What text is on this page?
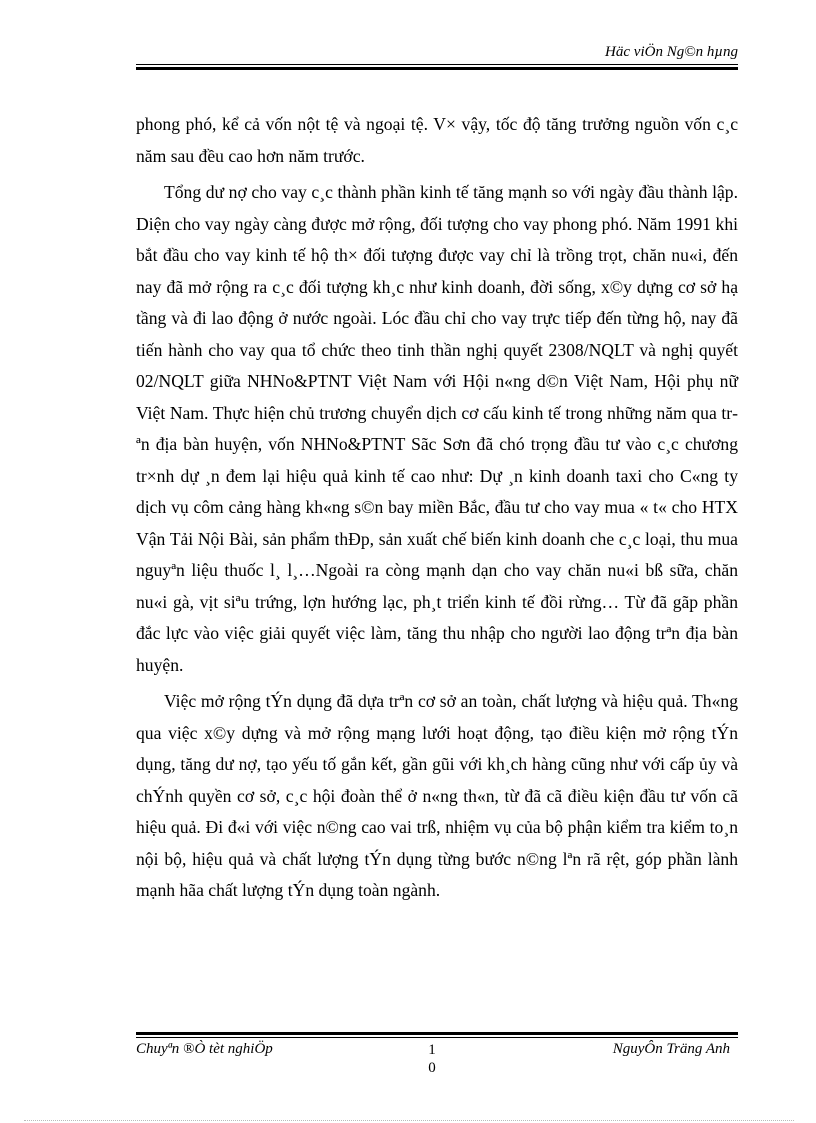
Häc viÖn Ng©n hµng

phong phó, kể cả vốn nột tệ và ngoại tệ. V× vậy, tốc độ tăng trưởng nguồn vốn c¸c năm sau đều cao hơn năm trước.

Tổng dư nợ cho vay c¸c thành phần kinh tế tăng mạnh so với ngày đầu thành lập. Diện cho vay ngày càng được mở rộng, đối tượng cho vay phong phó. Năm 1991 khi bắt đầu cho vay kinh tế hộ th× đối tượng được vay chỉ là trồng trọt, chăn nu«i, đến nay đã mở rộng ra c¸c đối tượng kh¸c như kinh doanh, đời sống, x©y dựng cơ sở hạ tầng và đi lao động ở nước ngoài. Lóc đầu chỉ cho vay trực tiếp đến từng hộ, nay đã tiến hành cho vay qua tổ chức theo tinh thần nghị quyết 2308/NQLT và nghị quyết 02/NQLT giữa NHNo&PTNT Việt Nam với Hội n«ng d©n Việt Nam, Hội phụ nữ Việt Nam. Thực hiện chủ trương chuyển dịch cơ cấu kinh tế trong những năm qua trªn địa bàn huyện, vốn NHNo&PTNT Sãc Sơn đã chó trọng đầu tư vào c¸c chương tr×nh dự ¸n đem lại hiệu quả kinh tế cao như: Dự ¸n kinh doanh taxi cho C«ng ty dịch vụ côm cảng hàng kh«ng s©n bay miền Bắc, đầu tư cho vay mua « t« cho HTX Vận Tải Nội Bài, sản phẩm thÐp, sản xuất chế biến kinh doanh che c¸c loại, thu mua nguyªn liệu thuốc l¸ l¸…Ngoài ra còng mạnh dạn cho vay chăn nu«i bß sữa, chăn nu«i gà, vịt siªu trứng, lợn hướng lạc, ph¸t triển kinh tế đồi rừng… Từ đã gãp phần đắc lực vào việc giải quyết việc làm, tăng thu nhập cho người lao động trªn địa bàn huyện.

Việc mở rộng tÝn dụng đã dựa trªn cơ sở an toàn, chất lượng và hiệu quả. Th«ng qua việc x©y dựng và mở rộng mạng lưới hoạt động, tạo điều kiện mở rộng tÝn dụng, tăng dư nợ, tạo yếu tố gắn kết, gần gũi với kh¸ch hàng cũng như với cấp ủy và chÝnh quyền cơ sở, c¸c hội đoàn thể ở n«ng th«n, từ đã cã điều kiện đầu tư vốn cã hiệu quả. Đi đ«i với việc n©ng cao vai trß, nhiệm vụ của bộ phận kiểm tra kiểm to¸n nội bộ, hiệu quả và chất lượng tÝn dụng từng bước n©ng lªn rã rệt, góp phần lành mạnh hãa chất lượng tÝn dụng toàn ngành.

Chuyªn ®Ò tèt nghiÖp	1
0
NguyÔn Träng Anh
